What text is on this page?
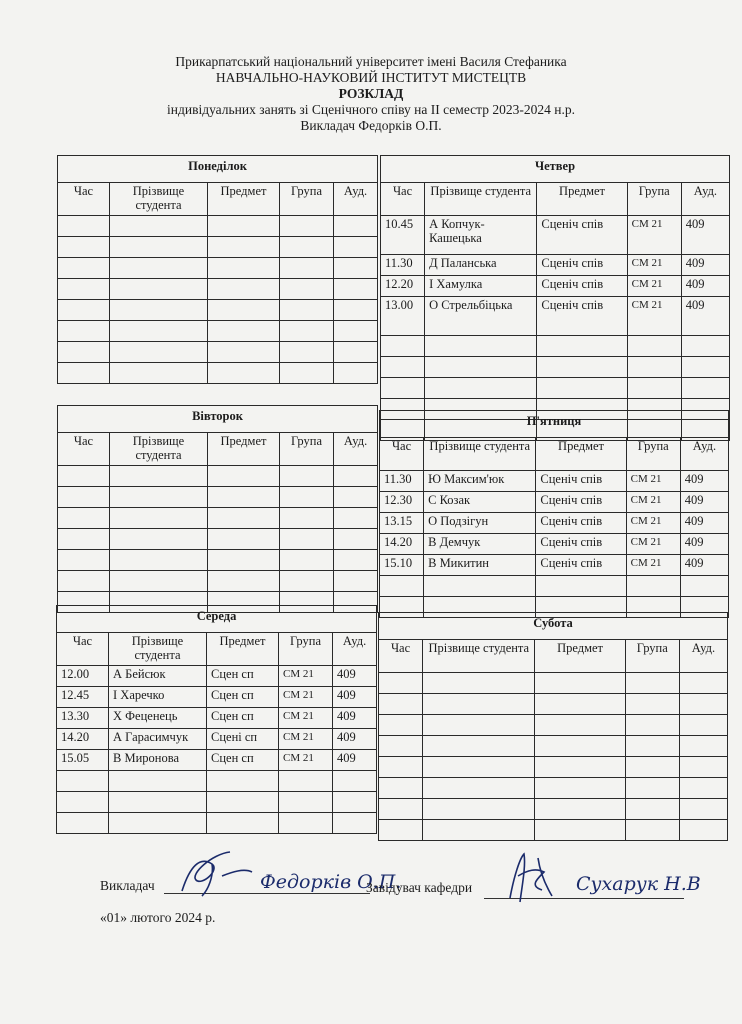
Прикарпатський національний університет імені Василя Стефаника
НАВЧАЛЬНО-НАУКОВИЙ ІНСТИТУТ МИСТЕЦТВ
РОЗКЛАД
індивідуальних занять зі Сценічного співу на ІІ семестр 2023-2024 н.р.
Викладач Федорків О.П.
Понеділок				
Час	Прізвище студента	Предмет	Група	Ауд.

Четвер				
Час	Прізвище студента	Предмет	Група	Ауд.
10.45	А Копчук-Кашецька	Сценіч спів	СМ 21	409
11.30	Д Паланська	Сценіч спів	СМ 21	409
12.20	І Хамулка	Сценіч спів	СМ 21	409
13.00	О Стрельбіцька	Сценіч спів	СМ 21	409

Вівторок				
Час	Прізвище студента	Предмет	Група	Ауд.

П'ятниця				
Час	Прізвище студента	Предмет	Група	Ауд.
11.30	Ю Максим'юк	Сценіч спів	СМ 21	409
12.30	С Козак	Сценіч спів	СМ 21	409
13.15	О Подзігун	Сценіч спів	СМ 21	409
14.20	В Демчук	Сценіч спів	СМ 21	409
15.10	В Микитин	Сценіч спів	СМ 21	409

Середа				
Час	Прізвище студента	Предмет	Група	Ауд.
12.00	А Бейсюк	Сцен сп	СМ 21	409
12.45	І Харечко	Сцен сп	СМ 21	409
13.30	Х Феценець	Сцен сп	СМ 21	409
14.20	А Гарасимчук	Сцені сп	СМ 21	409
15.05	В Миронова	Сцен сп	СМ 21	409

Субота				
Час	Прізвище студента	Предмет	Група	Ауд.

Викладач	Федорків О.П.
Завідувач кафедри	Сухарук Н.В
«01» лютого 2024 р.
